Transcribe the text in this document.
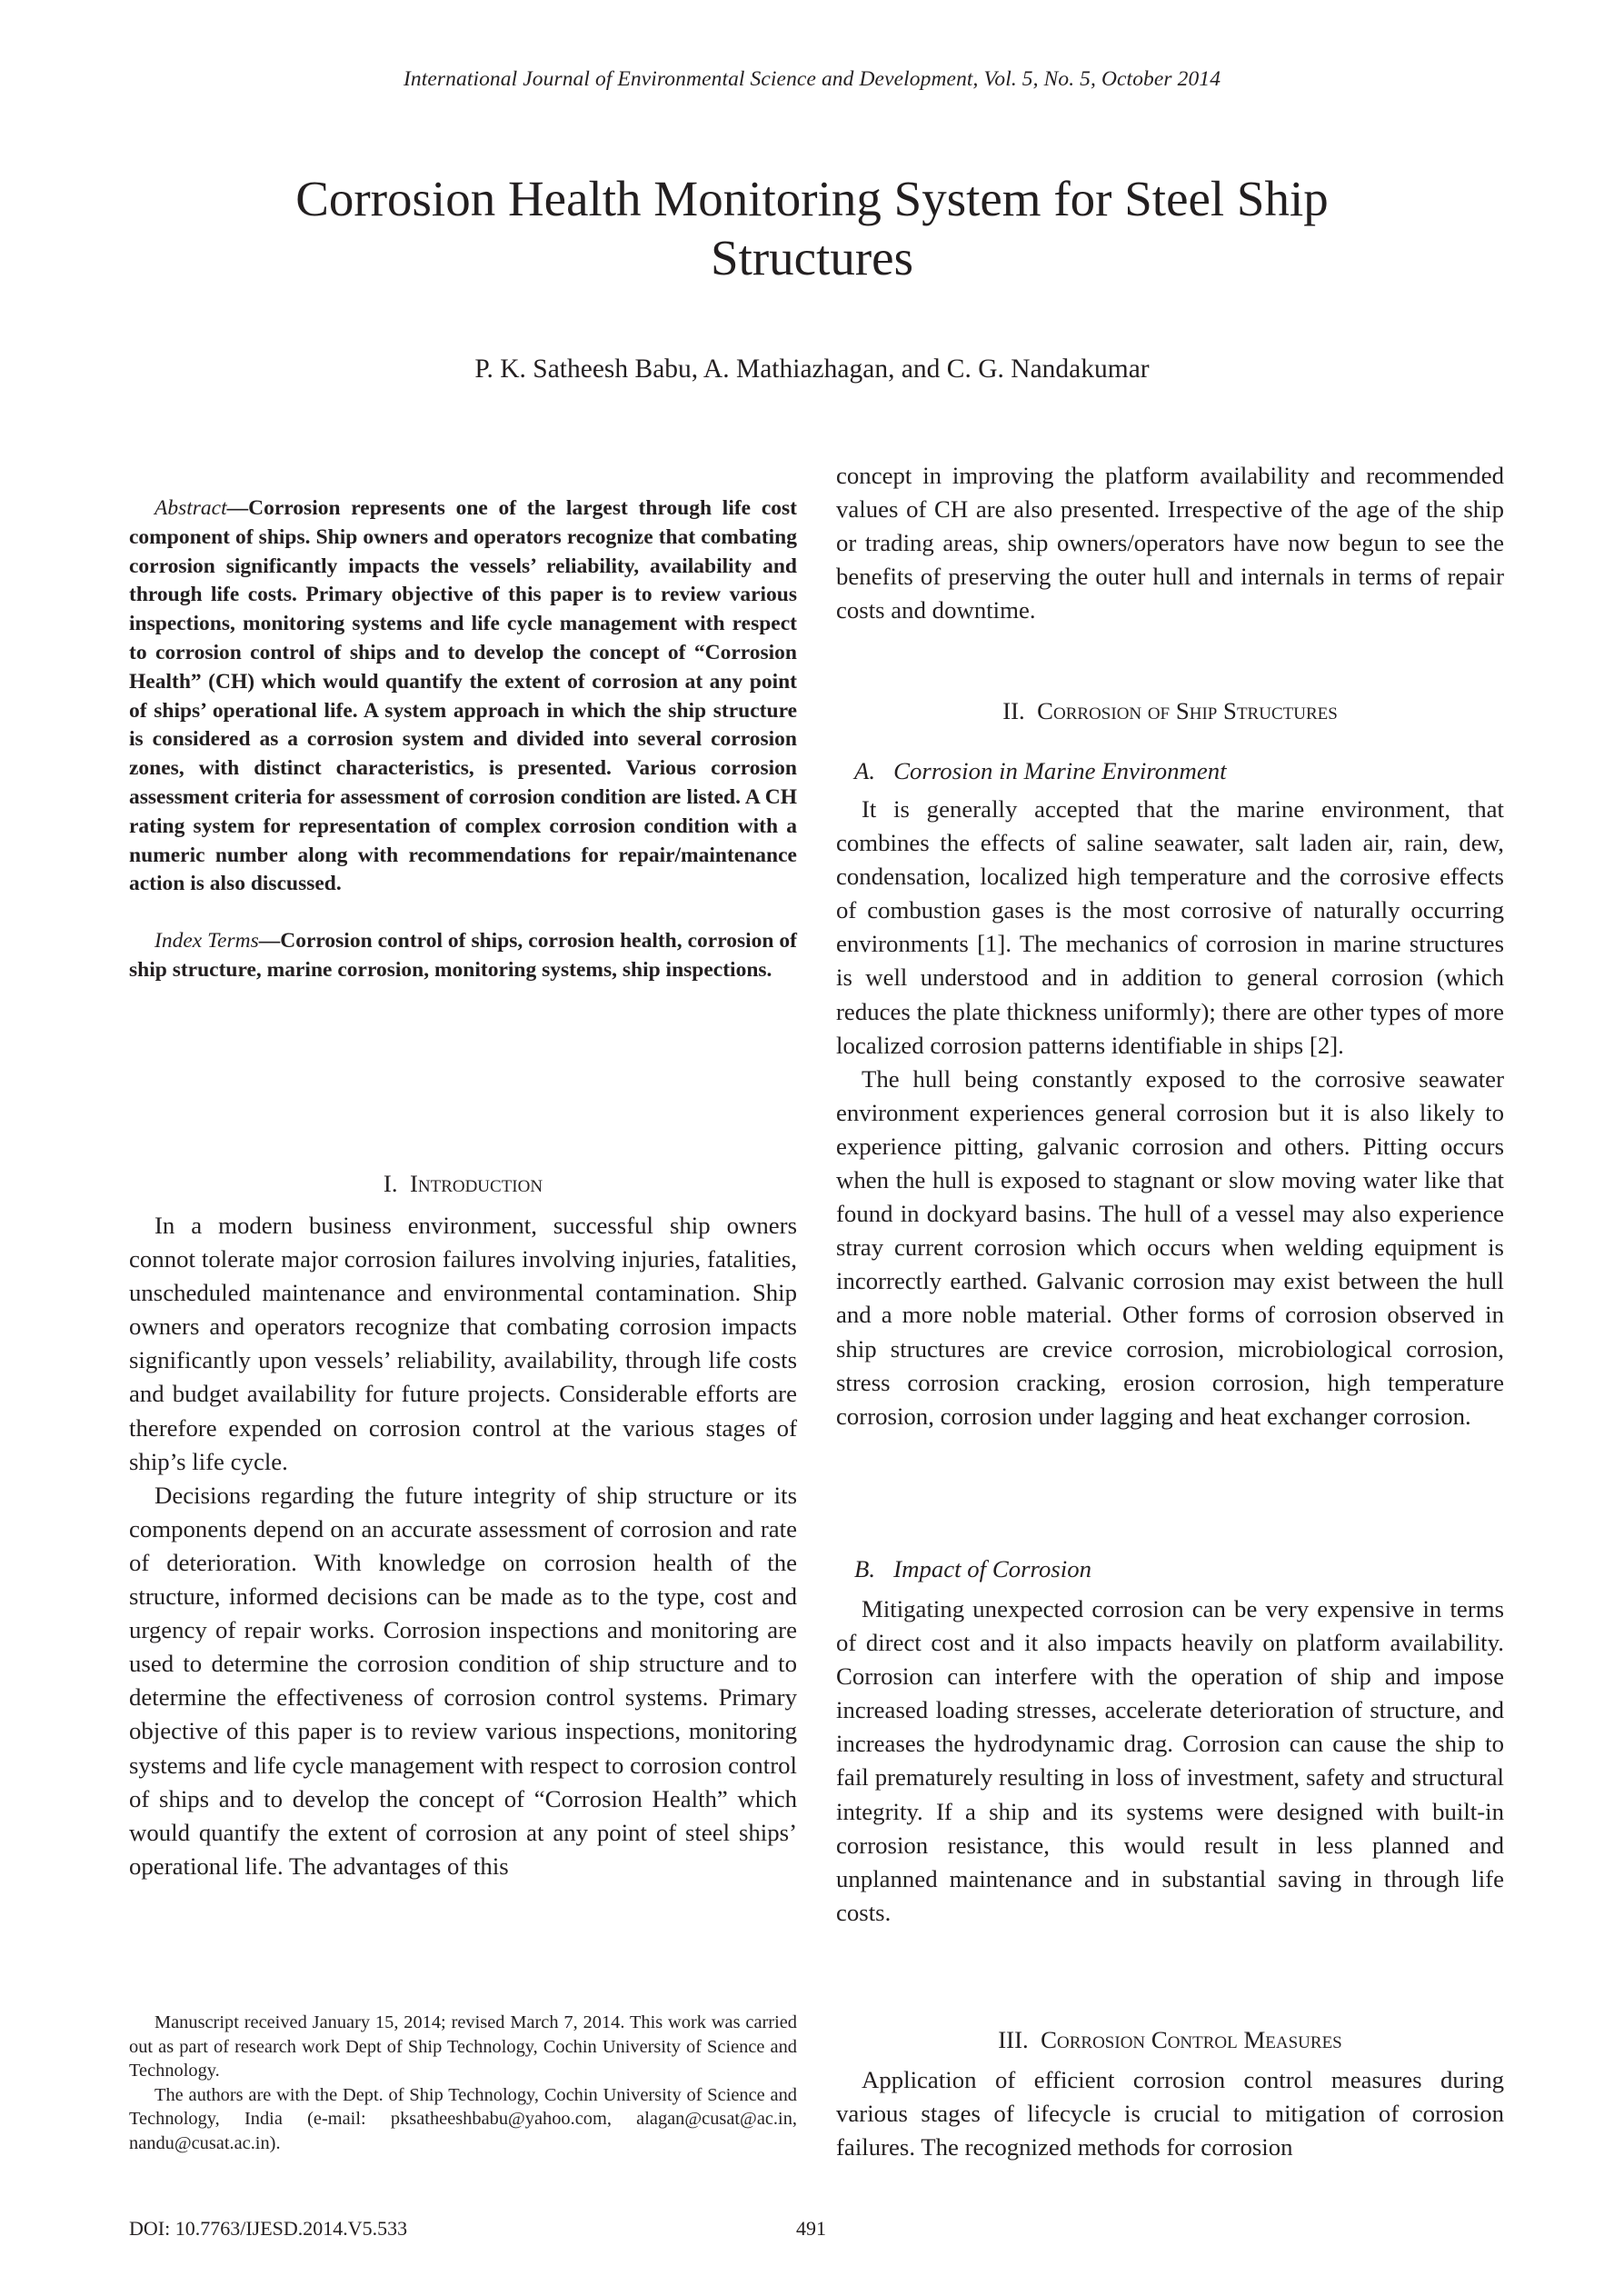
International Journal of Environmental Science and Development, Vol. 5, No. 5, October 2014
Corrosion Health Monitoring System for Steel Ship
Structures
P. K. Satheesh Babu, A. Mathiazhagan, and C. G. Nandakumar

Abstract—Corrosion represents one of the largest through life cost component of ships. Ship owners and operators recognize that combating corrosion significantly impacts the vessels’ reliability, availability and through life costs. Primary objective of this paper is to review various inspections, monitoring systems and life cycle management with respect to corrosion control of ships and to develop the concept of “Corrosion Health” (CH) which would quantify the extent of corrosion at any point of ships’ operational life. A system approach in which the ship structure is considered as a corrosion system and divided into several corrosion zones, with distinct characteristics, is presented. Various corrosion assessment criteria for assessment of corrosion condition are listed. A CH rating system for representation of complex corrosion condition with a numeric number along with recommendations for repair/maintenance action is also discussed.

Index Terms—Corrosion control of ships, corrosion health, corrosion of ship structure, marine corrosion, monitoring systems, ship inspections.

I. Introduction

In a modern business environment, successful ship owners connot tolerate major corrosion failures involving injuries, fatalities, unscheduled maintenance and environmental contamination. Ship owners and operators recognize that combating corrosion impacts significantly upon vessels’ reliability, availability, through life costs and budget availability for future projects. Considerable efforts are therefore expended on corrosion control at the various stages of ship’s life cycle.

Decisions regarding the future integrity of ship structure or its components depend on an accurate assessment of corrosion and rate of deterioration. With knowledge on corrosion health of the structure, informed decisions can be made as to the type, cost and urgency of repair works. Corrosion inspections and monitoring are used to determine the corrosion condition of ship structure and to determine the effectiveness of corrosion control systems. Primary objective of this paper is to review various inspections, monitoring systems and life cycle management with respect to corrosion control of ships and to develop the concept of “Corrosion Health” which would quantify the extent of corrosion at any point of steel ships’ operational life. The advantages of this

Manuscript received January 15, 2014; revised March 7, 2014. This work was carried out as part of research work Dept of Ship Technology, Cochin University of Science and Technology.

The authors are with the Dept. of Ship Technology, Cochin University of Science and Technology, India (e-mail: pksatheeshbabu@yahoo.com, alagan@cusat@ac.in, nandu@cusat.ac.in).

concept in improving the platform availability and recommended values of CH are also presented. Irrespective of the age of the ship or trading areas, ship owners/operators have now begun to see the benefits of preserving the outer hull and internals in terms of repair costs and downtime.

II. Corrosion of Ship Structures
A.   Corrosion in Marine Environment

It is generally accepted that the marine environment, that combines the effects of saline seawater, salt laden air, rain, dew, condensation, localized high temperature and the corrosive effects of combustion gases is the most corrosive of naturally occurring environments [1]. The mechanics of corrosion in marine structures is well understood and in addition to general corrosion (which reduces the plate thickness uniformly); there are other types of more localized corrosion patterns identifiable in ships [2].

The hull being constantly exposed to the corrosive seawater environment experiences general corrosion but it is also likely to experience pitting, galvanic corrosion and others. Pitting occurs when the hull is exposed to stagnant or slow moving water like that found in dockyard basins. The hull of a vessel may also experience stray current corrosion which occurs when welding equipment is incorrectly earthed. Galvanic corrosion may exist between the hull and a more noble material. Other forms of corrosion observed in ship structures are crevice corrosion, microbiological corrosion, stress corrosion cracking, erosion corrosion, high temperature corrosion, corrosion under lagging and heat exchanger corrosion.

B.   Impact of Corrosion

Mitigating unexpected corrosion can be very expensive in terms of direct cost and it also impacts heavily on platform availability. Corrosion can interfere with the operation of ship and impose increased loading stresses, accelerate deterioration of structure, and increases the hydrodynamic drag. Corrosion can cause the ship to fail prematurely resulting in loss of investment, safety and structural integrity. If a ship and its systems were designed with built-in corrosion resistance, this would result in less planned and unplanned maintenance and in substantial saving in through life costs.

III. Corrosion Control Measures

Application of efficient corrosion control measures during various stages of lifecycle is crucial to mitigation of corrosion failures. The recognized methods for corrosion

DOI: 10.7763/IJESD.2014.V5.533	491
